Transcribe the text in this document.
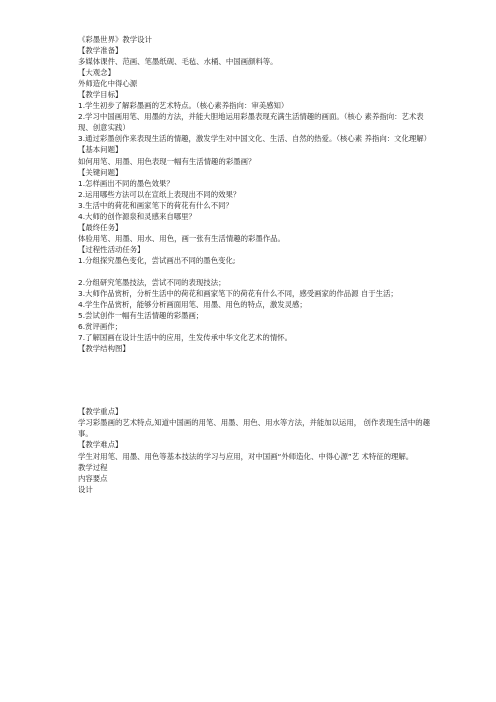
《彩墨世界》教学设计
【教学准备】
多媒体课件、范画、笔墨纸砚、毛毡、水桶、中国画颜料等。
【大观念】
外师造化中得心源
【教学目标】
1.学生初步了解彩墨画的艺术特点。（核心素养指向：审美感知）
2.学习中国画用笔、用墨的方法，并能大胆地运用彩墨表现充满生活情趣的画面。（核心 素养指向：艺术表现、创意实践）
3.通过彩墨创作来表现生活的情趣，激发学生对中国文化、生活、自然的热爱。（核心素 养指向：文化理解）
【基本问题】
如何用笔、用墨、用色表现一幅有生活情趣的彩墨画？
【关键问题】
1.怎样画出不同的墨色效果？
2.运用哪些方法可以在宣纸上表现出不同的效果？
3.生活中的荷花和画家笔下的荷花有什么不同？
4.大师的创作源泉和灵感来自哪里？
【最终任务】
体验用笔、用墨、用水、用色，画一张有生活情趣的彩墨作品。
【过程性活动任务】
1.分组探究墨色变化，尝试画出不同的墨色变化;
2.分组研究笔墨技法，尝试不同的表现技法；
3.大师作品赏析，分析生活中的荷花和画家笔下的荷花有什么不同，感受画家的作品源 自于生活；
4.学生作品赏析，能够分析画面用笔、用墨、用色的特点，激发灵感；
5.尝试创作一幅有生活情趣的彩墨画；
6.赏评画作；
7.了解国画在设计生活中的应用，生发传承中华文化艺术的情怀。
【教学结构图】
【教学重点】
学习彩墨画的艺术特点,知道中国画的用笔、用墨、用色、用水等方法，并能加以运用， 创作表现生活中的趣事。
【教学难点】
学生对用笔、用墨、用色等基本技法的学习与应用，对中国画“外师造化、中得心源”艺 术特征的理解。
教学过程
内容要点
设计
